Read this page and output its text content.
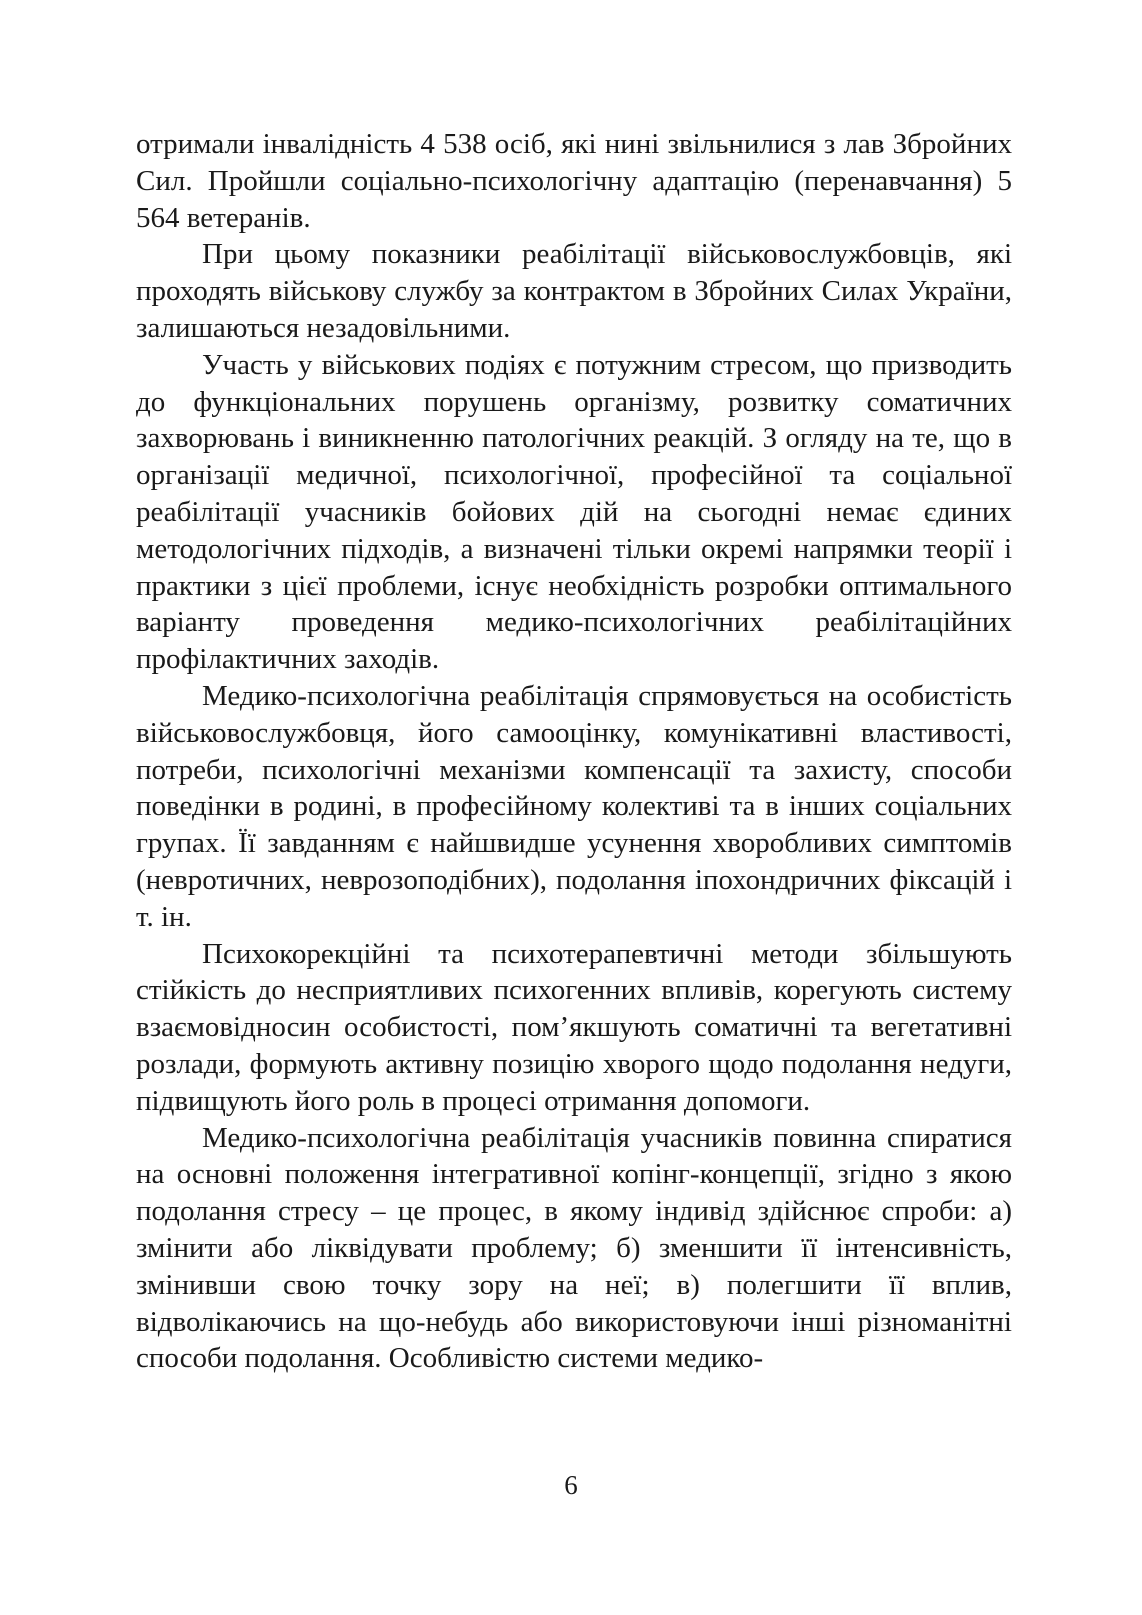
отримали інвалідність 4 538 осіб, які нині звільнилися з лав Збройних Сил. Пройшли соціально-психологічну адаптацію (перенавчання) 5 564 ветеранів.

При цьому показники реабілітації військовослужбовців, які проходять військову службу за контрактом в Збройних Силах України, залишаються незадовільними.

Участь у військових подіях є потужним стресом, що призводить до функціональних порушень організму, розвитку соматичних захворювань і виникненню патологічних реакцій. З огляду на те, що в організації медичної, психологічної, професійної та соціальної реабілітації учасників бойових дій на сьогодні немає єдиних методологічних підходів, а визначені тільки окремі напрямки теорії і практики з цієї проблеми, існує необхідність розробки оптимального варіанту проведення медико-психологічних реабілітаційних профілактичних заходів.

Медико-психологічна реабілітація спрямовується на особистість військовослужбовця, його самооцінку, комунікативні властивості, потреби, психологічні механізми компенсації та захисту, способи поведінки в родині, в професійному колективі та в інших соціальних групах. Її завданням є найшвидше усунення хворобливих симптомів (невротичних, неврозоподібних), подолання іпохондричних фіксацій і т. ін.

Психокорекційні та психотерапевтичні методи збільшують стійкість до несприятливих психогенних впливів, корегують систему взаємовідносин особистості, пом’якшують соматичні та вегетативні розлади, формують активну позицію хворого щодо подолання недуги, підвищують його роль в процесі отримання допомоги.

Медико-психологічна реабілітація учасників повинна спиратися на основні положення інтегративної копінг-концепції, згідно з якою подолання стресу – це процес, в якому індивід здійснює спроби: а) змінити або ліквідувати проблему; б) зменшити її інтенсивність, змінивши свою точку зору на неї; в) полегшити її вплив, відволікаючись на що-небудь або використовуючи інші різноманітні способи подолання. Особливістю системи медико-

6
